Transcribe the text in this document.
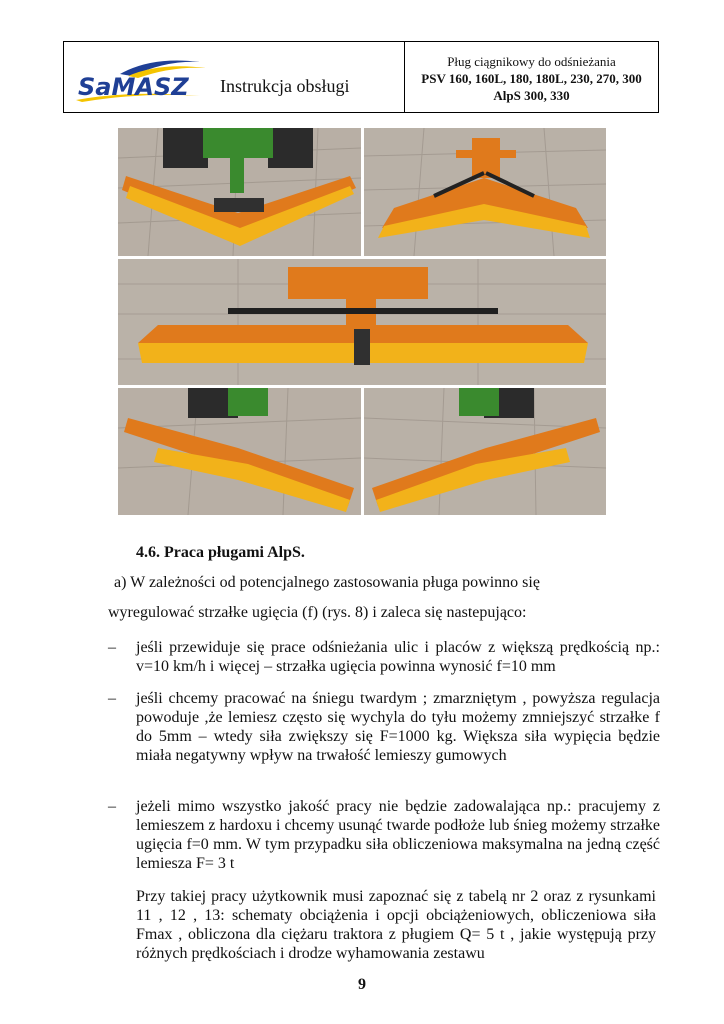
SaMASZ Instrukcja obsługi
Pług ciągnikowy do odśnieżania
PSV 160, 160L, 180, 180L, 230, 270, 300
AlpS 300, 330
4.6. Praca pługami AlpS.
a) W zależności od potencjalnego zastosowania pługa powinno się
wyregulować strzałke ugięcia (f) (rys. 8) i zaleca się nastepująco:
–	jeśli przewiduje się prace odśnieżania ulic i placów z większą prędkością np.: v=10 km/h i więcej – strzałka ugięcia powinna wynosić f=10 mm
–	jeśli chcemy pracować na śniegu twardym ; zmarzniętym , powyższa regulacja powoduje ,że lemiesz często się wychyla do tyłu możemy zmniejszyć strzałke f do 5mm – wtedy siła zwiększy się F=1000 kg. Większa siła wypięcia będzie miała negatywny wpływ na trwałość lemieszy gumowych
–	jeżeli mimo wszystko jakość pracy nie będzie zadowalająca np.: pracujemy z lemieszem z hardoxu i chcemy usunąć twarde podłoże lub śnieg możemy strzałke ugięcia f=0 mm. W tym przypadku siła obliczeniowa maksymalna na jedną część lemiesza F= 3 t
Przy takiej pracy użytkownik musi zapoznać się z tabelą nr 2 oraz z rysunkami 11 , 12 , 13: schematy obciążenia i opcji obciążeniowych, obliczeniowa siła Fmax , obliczona dla ciężaru traktora z pługiem Q= 5 t , jakie występują przy różnych prędkościach i drodze wyhamowania zestawu
9
